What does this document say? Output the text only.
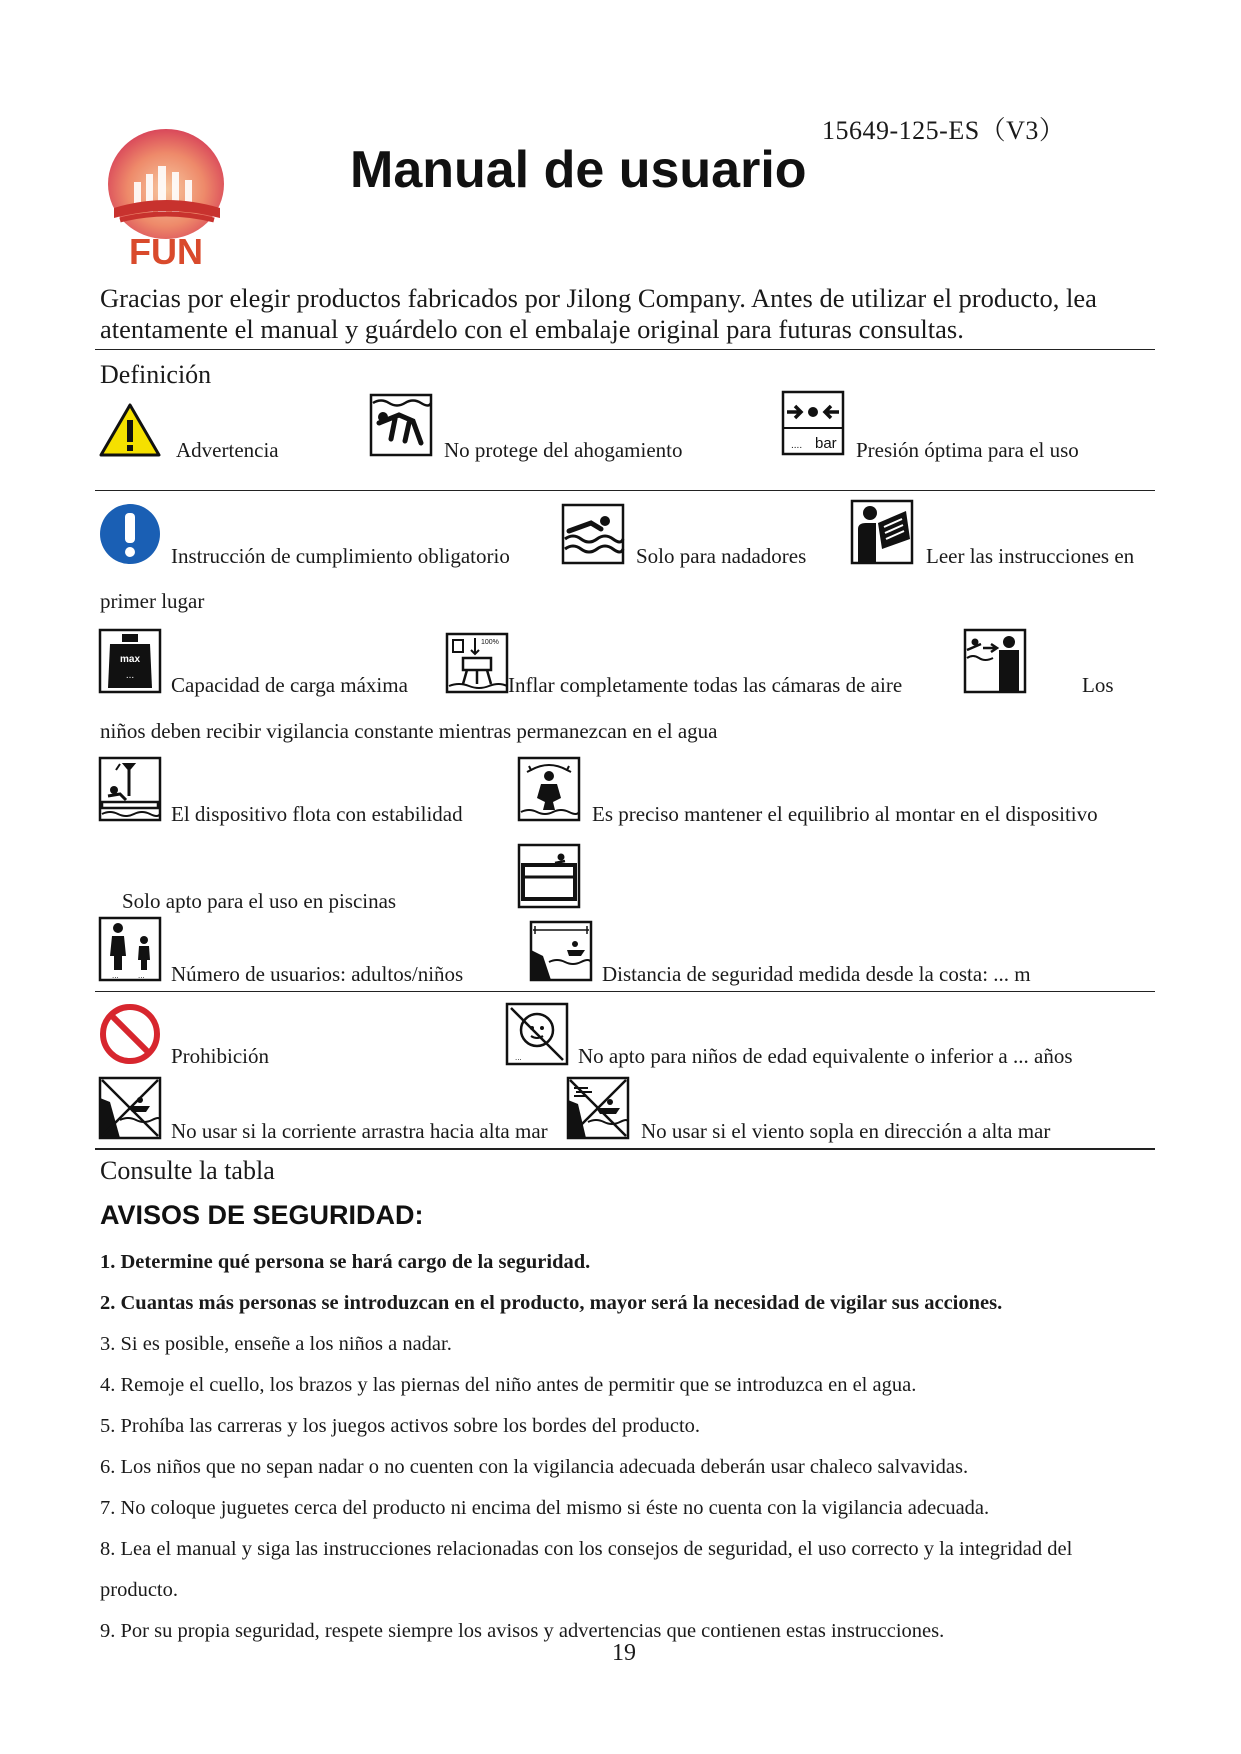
15649-125-ES（V3）
FUN
Manual de usuario
Gracias por elegir productos fabricados por Jilong Company. Antes de utilizar el producto, lea
atentamente el manual y guárdelo con el embalaje original para futuras consultas.
Definición
Advertencia	No protege del ahogamiento	.... bar Presión óptima para el uso
Instrucción de cumplimiento obligatorio	Solo para nadadores	Leer las instrucciones en
primer lugar
max
... Capacidad de carga máxima
100%
Inflar completamente todas las cámaras de aire	Los
niños deben recibir vigilancia constante mientras permanezcan en el agua
El dispositivo flota con estabilidad	Es preciso mantener el equilibrio al montar en el dispositivo
Solo apto para el uso en piscinas
... ... Número de usuarios: adultos/niños	Distancia de seguridad medida desde la costa: ... m
Prohibición	...	No apto para niños de edad equivalente o inferior a ... años
No usar si la corriente arrastra hacia alta mar	No usar si el viento sopla en dirección a alta mar
Consulte la tabla
AVISOS DE SEGURIDAD:
1. Determine qué persona se hará cargo de la seguridad.
2. Cuantas más personas se introduzcan en el producto, mayor será la necesidad de vigilar sus acciones.
3. Si es posible, enseñe a los niños a nadar.
4. Remoje el cuello, los brazos y las piernas del niño antes de permitir que se introduzca en el agua.
5. Prohíba las carreras y los juegos activos sobre los bordes del producto.
6. Los niños que no sepan nadar o no cuenten con la vigilancia adecuada deberán usar chaleco salvavidas.
7. No coloque juguetes cerca del producto ni encima del mismo si éste no cuenta con la vigilancia adecuada.
8. Lea el manual y siga las instrucciones relacionadas con los consejos de seguridad, el uso correcto y la integridad del
producto.
9. Por su propia seguridad, respete siempre los avisos y advertencias que contienen estas instrucciones.
19
